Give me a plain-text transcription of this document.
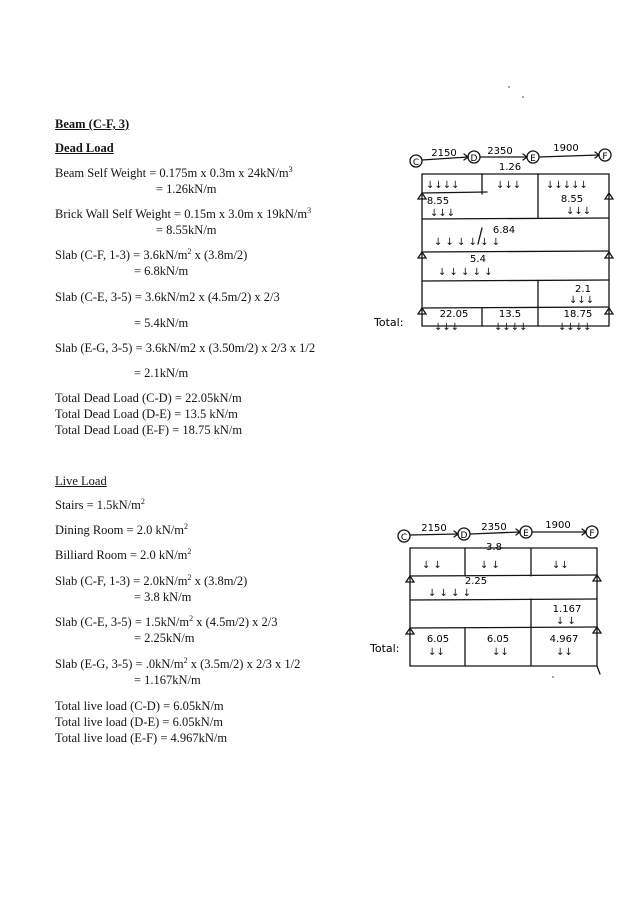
Beam (C-F, 3)
Dead Load
Beam Self Weight = 0.175m x 0.3m x $24kN/m^3$
= 1.26kN/m
Brick Wall Self Weight = 0.15m x 3.0m x $19kN/m^3$
= 8.55kN/m
Slab (C-F, $1-3) = 3.6kN/m^2$ x (3.8m/2)
= 6.8kN/m
Slab (C-E, 3-5) = 3.6kN/m2 x (4.5m/2) x 2/3
= 5.4kN/m
Slab (E-G, 3-5) = 3.6kN/m2 x (3.50m/2) x 2/3 x 1/2
= 2.1kN/m
Total Dead Load (C-D) = 22.05kN/m
Total Dead Load (D-E) = 13.5 kN/m
Total Dead Load (E-F) = 18.75 kN/m
Live Load
Stairs = $1.5kN/m^2$
Dining Room = 2.0 $kN/m^2$
Billiard Room = 2.0 $kN/m^2$
Slab (C-F, $1-3) = 2.0kN/m^2$ x (3.8m/2)
= 3.8 kN/m
Slab (C-E, $3-5) = 1.5kN/m^2$ x (4.5m/2) x 2/3
= 2.25kN/m
Slab (E-G, $3-5) = .0kN/m^2$ x (3.5m/2) x 2/3 x 1/2
= 1.167kN/m
Total live load (C-D) = 6.05kN/m
Total live load (D-E) = 6.05kN/m
Total live load (E-F) = 4.967kN/m
C	D	E	F
2150	2350	1900
1.26
8.55	8.55
6.84
5.4
2.1
Total:
22.05	13.5	18.75
↓↓↓↓	↓↓↓ ↓↓↓↓↓
↓↓↓	↓↓↓
↓ ↓ ↓ ↓ ↓ ↓
↓ ↓ ↓ ↓ ↓
↓↓↓
↓↓↓	↓↓↓↓	↓↓↓↓
C	D	E	F
2150	2350	1900
3.8
2.25
1.167
Total:
6.05	6.05	4.967
↓ ↓	↓ ↓	↓↓
↓ ↓ ↓ ↓
↓ ↓
↓↓	↓↓	↓↓
